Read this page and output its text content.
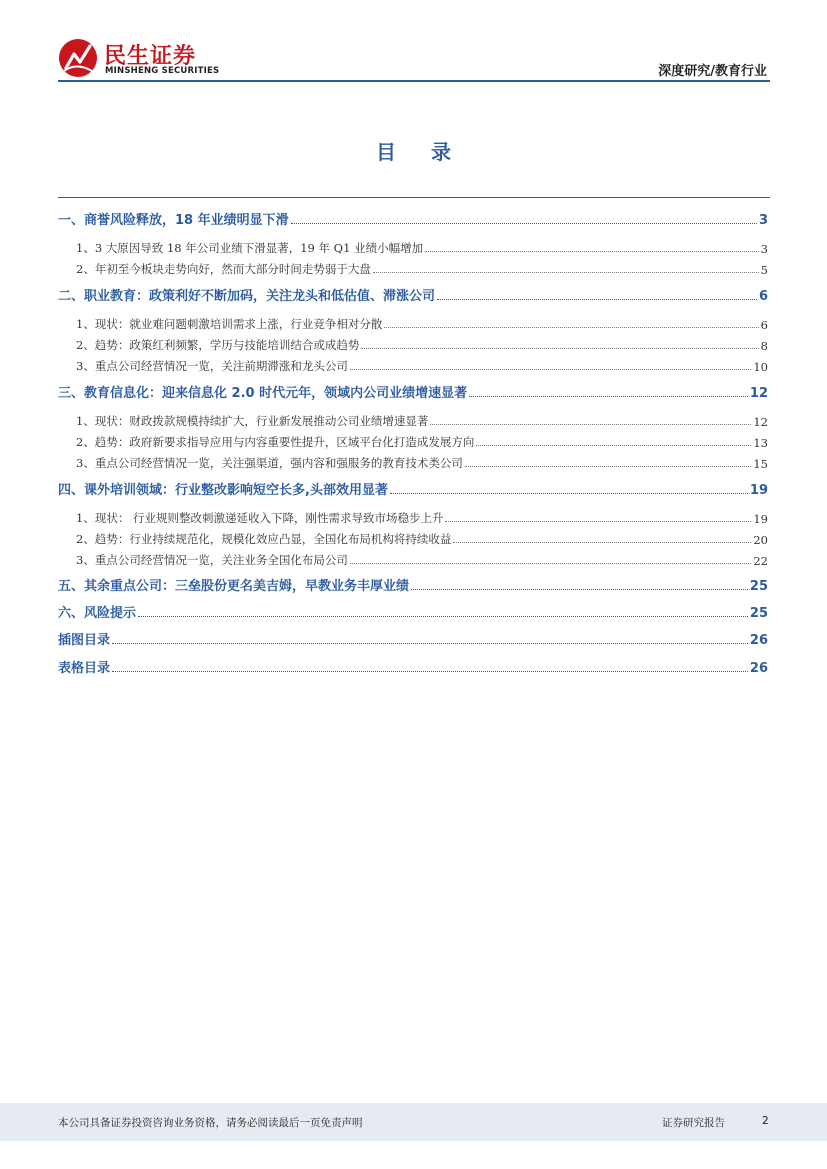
民生证券
MINSHENG SECURITIES	深度研究/教育行业
目 录
一、商誉风险释放，18 年业绩明显下滑	3
1、3 大原因导致 18 年公司业绩下滑显著，19 年 Q1 业绩小幅增加	3
2、年初至今板块走势向好，然而大部分时间走势弱于大盘	5
二、职业教育：政策利好不断加码，关注龙头和低估值、滞涨公司	6
1、现状：就业难问题刺激培训需求上涨，行业竞争相对分散	6
2、趋势：政策红利频繁，学历与技能培训结合或成趋势	8
3、重点公司经营情况一览，关注前期滞涨和龙头公司	10
三、教育信息化：迎来信息化 2.0 时代元年，领域内公司业绩增速显著	12
1、现状：财政拨款规模持续扩大，行业新发展推动公司业绩增速显著	12
2、趋势：政府新要求指导应用与内容重要性提升，区域平台化打造成发展方向	13
3、重点公司经营情况一览，关注强渠道，强内容和强服务的教育技术类公司	15
四、课外培训领域：行业整改影响短空长多,头部效用显著	19
1、现状： 行业规则整改刺激递延收入下降，刚性需求导致市场稳步上升	19
2、趋势：行业持续规范化，规模化效应凸显，全国化布局机构将持续收益	20
3、重点公司经营情况一览，关注业务全国化布局公司	22
五、其余重点公司：三垒股份更名美吉姆，早教业务丰厚业绩	25
六、风险提示	25
插图目录	26
表格目录	26
本公司具备证券投资咨询业务资格，请务必阅读最后一页免责声明	证券研究报告	2
